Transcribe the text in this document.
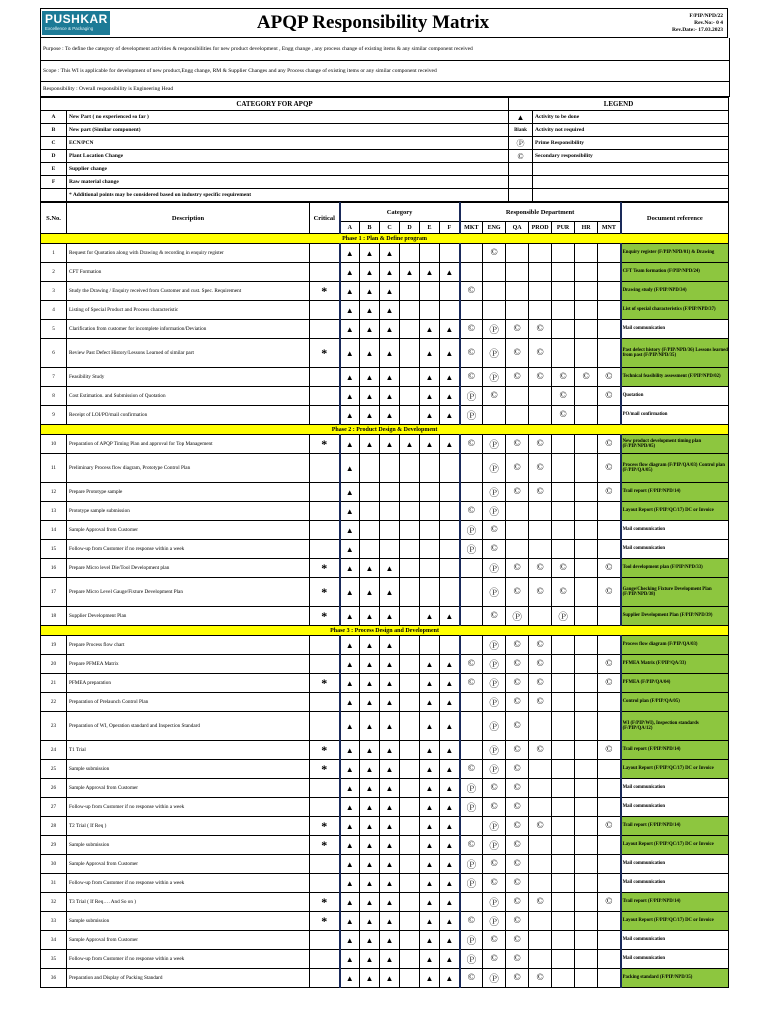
PUSHKAR
Excellence & Packaging	APQP Responsibility Matrix	F/PIP/NPD/22
Rev.No:- 0 4
Rev.Date:- 17.03.2023
Purpose : To define the category of development activities & responsibilities for new product development , Engg change , any process change of existing items & any similar component received
Scope : This WI is applicable for development of new product,Engg change, RM & Supplier Changes and any Process change of existing items or any similar component received
Responsibility : Overall responsibility is Engineering Head
CATEGORY FOR APQP		LEGEND	
A	New Part ( no experienced so far )	▲	Activity to be done
B	New part (Similar component)	Blank	Activity not required
C	ECN/PCN	Ⓟ	Prime Responsibility
D	Plant Location Change	©	Secondary responsibility
E	Supplier change		
F	Raw material change		
	* Additional points may be considered based on industry specific requirement		
S.No.	Description	Critical	Category						Responsible Department							Document reference
			A	B	C	D	E	F	MKT	ENG	QA	PROD	PUR	HR	MNT	
Phase 1 : Plan & Define program																
1	Request for Quotation along with Drawing & recording in enquiry register		▲	▲	▲					©						Enquiry register (F/PIP/NPD/01) & Drawing
2	CFT Formation		▲	▲	▲	▲	▲	▲								CFT Team formation (F/PIP/NPD/24)
3	Study the Drawing / Enquiry received from Customer and cust. Spec. Requirement	*	▲	▲	▲				©							Drawing study (F/PIP/NPD/34)
4	Listing of Special Product and Process characteristic		▲	▲	▲											List of special characteristics (F/PIP/NPD/37)
5	Clarification from customer for incomplete information/Deviation		▲	▲	▲		▲	▲	©	Ⓟ	©	©				Mail communication
6	Review Past Defect History/Lessons Learned of similar part	*	▲	▲	▲		▲	▲	©	Ⓟ	©	©				Past defect history (F/PIP/NPD/36) Lessons learned from past (F/PIP/NPD/35)
7	Feasibility Study		▲	▲	▲		▲	▲	©	Ⓟ	©	©	©	©	©	Technical feasibility assessment (F/PIP/NPD/02)
8	Cost Estimation. and Submission of Quotation		▲	▲	▲		▲	▲	Ⓟ	©			©		©	Quotation
9	Receipt of LOI/PO/mail confirmation		▲	▲	▲		▲	▲	Ⓟ				©			PO/mail confirmation
Phase 2 : Product Design & Development																
10	Preparation of APQP Timing Plan and approval for Top Management	*	▲	▲	▲	▲	▲	▲	©	Ⓟ	©	©			©	New product development timing plan (F/PIP/NPD/05)
11	Preliminary Process flow diagram, Prototype Control Plan		▲							Ⓟ	©	©			©	Process flow diagram (F/PIP/QA/03) Control plan (F/PIP/QA/05)
12	Prepare Prototype sample		▲							Ⓟ	©	©			©	Trail report (F/PIP/NPD/14)
13	Prototype sample submission		▲						©	Ⓟ						Layout Report (F/PIP/QC/17) DC or Invoice
14	Sample Approval from Customer		▲						Ⓟ	©						Mail communication
15	Follow-up from Customer if no response within a week		▲						Ⓟ	©						Mail communication
16	Prepare Micro level Die/Tool Development plan	*	▲	▲	▲					Ⓟ	©	©	©		©	Tool development plan (F/PIP/NPD/33)
17	Prepare Micro Level Gauge/Fixture Development Plan	*	▲	▲	▲					Ⓟ	©	©	©		©	Gauge/Checking Fixture Development Plan (F/PIP/NPD/38)
18	Supplier Development Plan	*	▲	▲	▲		▲	▲		©	Ⓟ		Ⓟ			Supplier Development Plan (F/PIP/NPD/39)
Phase 3 : Process Design and Development																
19	Prepare Process flow chart		▲	▲	▲					Ⓟ	©	©				Process flow diagram (F/PIP/QA/03)
20	Prepare PFMEA Matrix		▲	▲	▲		▲	▲	©	Ⓟ	©	©			©	PFMEA Matrix (F/PIP/QA/33)
21	PFMEA preparation	*	▲	▲	▲		▲	▲	©	Ⓟ	©	©			©	PFMEA (F/PIP/QA/04)
22	Preparation of Prelaunch Control Plan		▲	▲	▲		▲	▲		Ⓟ	©	©				Control plan (F/PIP/QA/05)
23	Preparation of WI, Operation standard and Inspection Standard		▲	▲	▲		▲	▲		Ⓟ	©					WI (F/PIP/WI), Inspection standards (F/PIP/QA/12)
24	T1 Trial	*	▲	▲	▲		▲	▲		Ⓟ	©	©			©	Trail report (F/PIP/NPD/14)
25	Sample submission	*	▲	▲	▲		▲	▲	©	Ⓟ	©					Layout Report (F/PIP/QC/17) DC or Invoice
26	Sample Approval from Customer		▲	▲	▲		▲	▲	Ⓟ	©	©					Mail communication
27	Follow-up from Customer if no response within a week		▲	▲	▲		▲	▲	Ⓟ	©	©					Mail communication
28	T2 Trial ( If Req )	*	▲	▲	▲		▲	▲		Ⓟ	©	©			©	Trail report (F/PIP/NPD/14)
29	Sample submission	*	▲	▲	▲		▲	▲	©	Ⓟ	©					Layout Report (F/PIP/QC/17) DC or Invoice
30	Sample Approval from Customer		▲	▲	▲		▲	▲	Ⓟ	©	©					Mail communication
31	Follow-up from Customer if no response within a week		▲	▲	▲		▲	▲	Ⓟ	©	©					Mail communication
32	T3 Trial ( If Req…. And So on )	*	▲	▲	▲		▲	▲		Ⓟ	©	©			©	Trail report (F/PIP/NPD/14)
33	Sample submission	*	▲	▲	▲		▲	▲	©	Ⓟ	©					Layout Report (F/PIP/QC/17) DC or Invoice
34	Sample Approval from Customer		▲	▲	▲		▲	▲	Ⓟ	©	©					Mail communication
35	Follow-up from Customer if no response within a week		▲	▲	▲		▲	▲	Ⓟ	©	©					Mail communication
36	Preparation and Display of Packing Standard		▲	▲	▲		▲	▲	©	Ⓟ	©	©				Packing standard (F/PIP/NPD/35)
